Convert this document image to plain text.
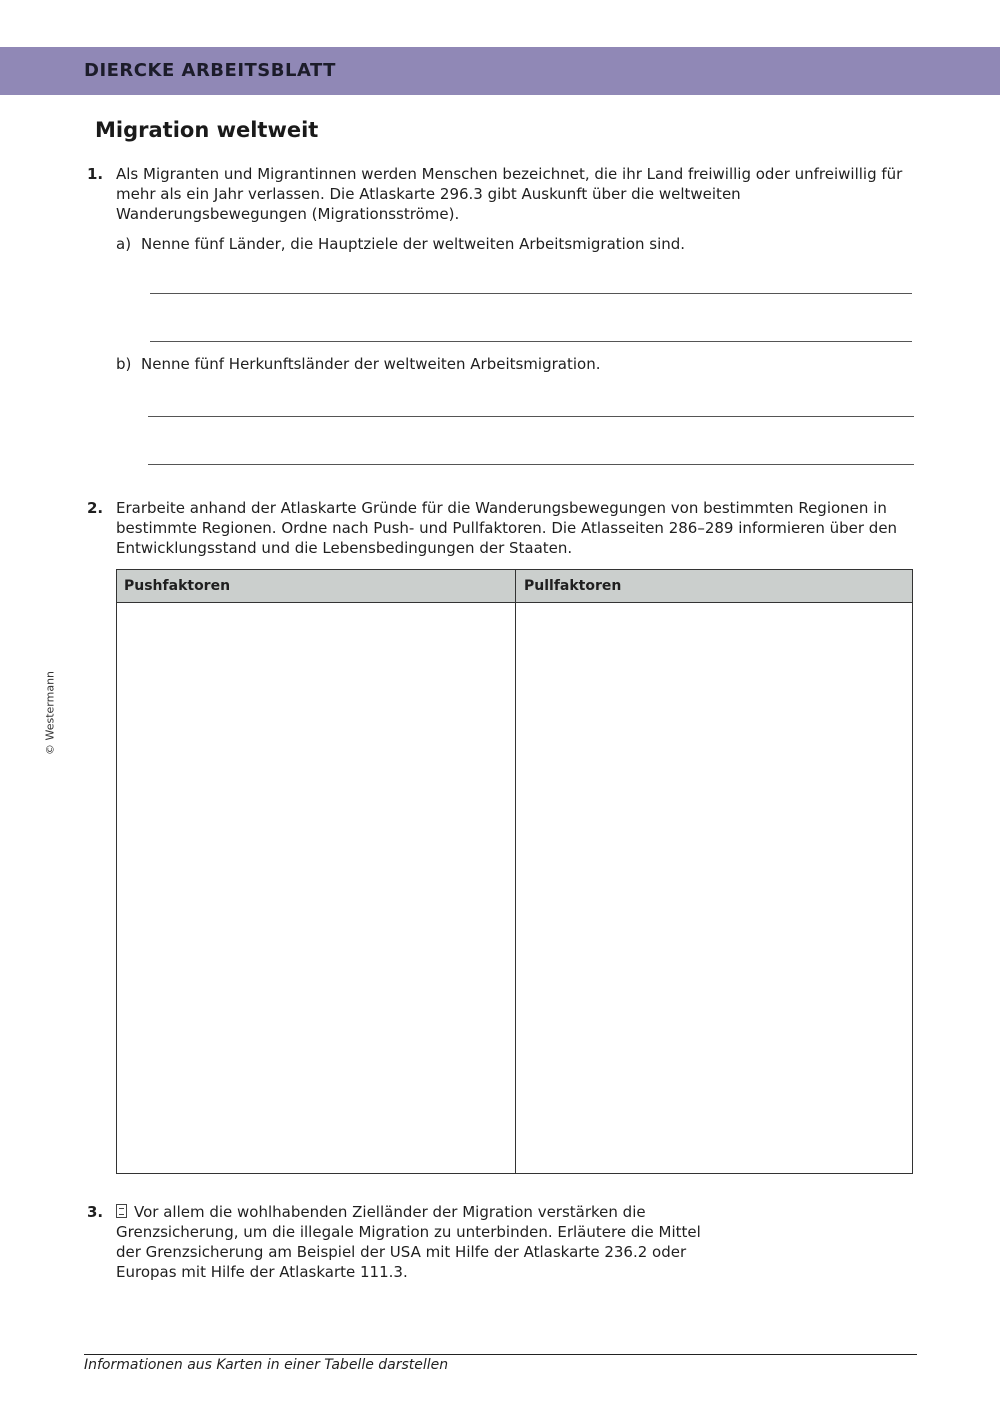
DIERCKE ARBEITSBLATT
Migration weltweit
1. Als Migranten und Migrantinnen werden Menschen bezeichnet, die ihr Land freiwillig oder unfreiwillig für mehr als ein Jahr verlassen. Die Atlaskarte 296.3 gibt Auskunft über die weltweiten Wanderungsbewegungen (Migrationsströme).
a) Nenne fünf Länder, die Hauptziele der weltweiten Arbeitsmigration sind.
b) Nenne fünf Herkunftsländer der weltweiten Arbeitsmigration.
2. Erarbeite anhand der Atlaskarte Gründe für die Wanderungsbewegungen von bestimmten Regionen in bestimmte Regionen. Ordne nach Push- und Pullfaktoren. Die Atlasseiten 286–289 informieren über den Entwicklungsstand und die Lebensbedingungen der Staaten.
Pushfaktoren	Pullfaktoren
3.	Vor allem die wohlhabenden Zielländer der Migration verstärken die Grenzsicherung, um die illegale Migration zu unterbinden. Erläutere die Mittel der Grenzsicherung am Beispiel der USA mit Hilfe der Atlaskarte 236.2 oder Europas mit Hilfe der Atlaskarte 111.3.
© Westermann
Informationen aus Karten in einer Tabelle darstellen
